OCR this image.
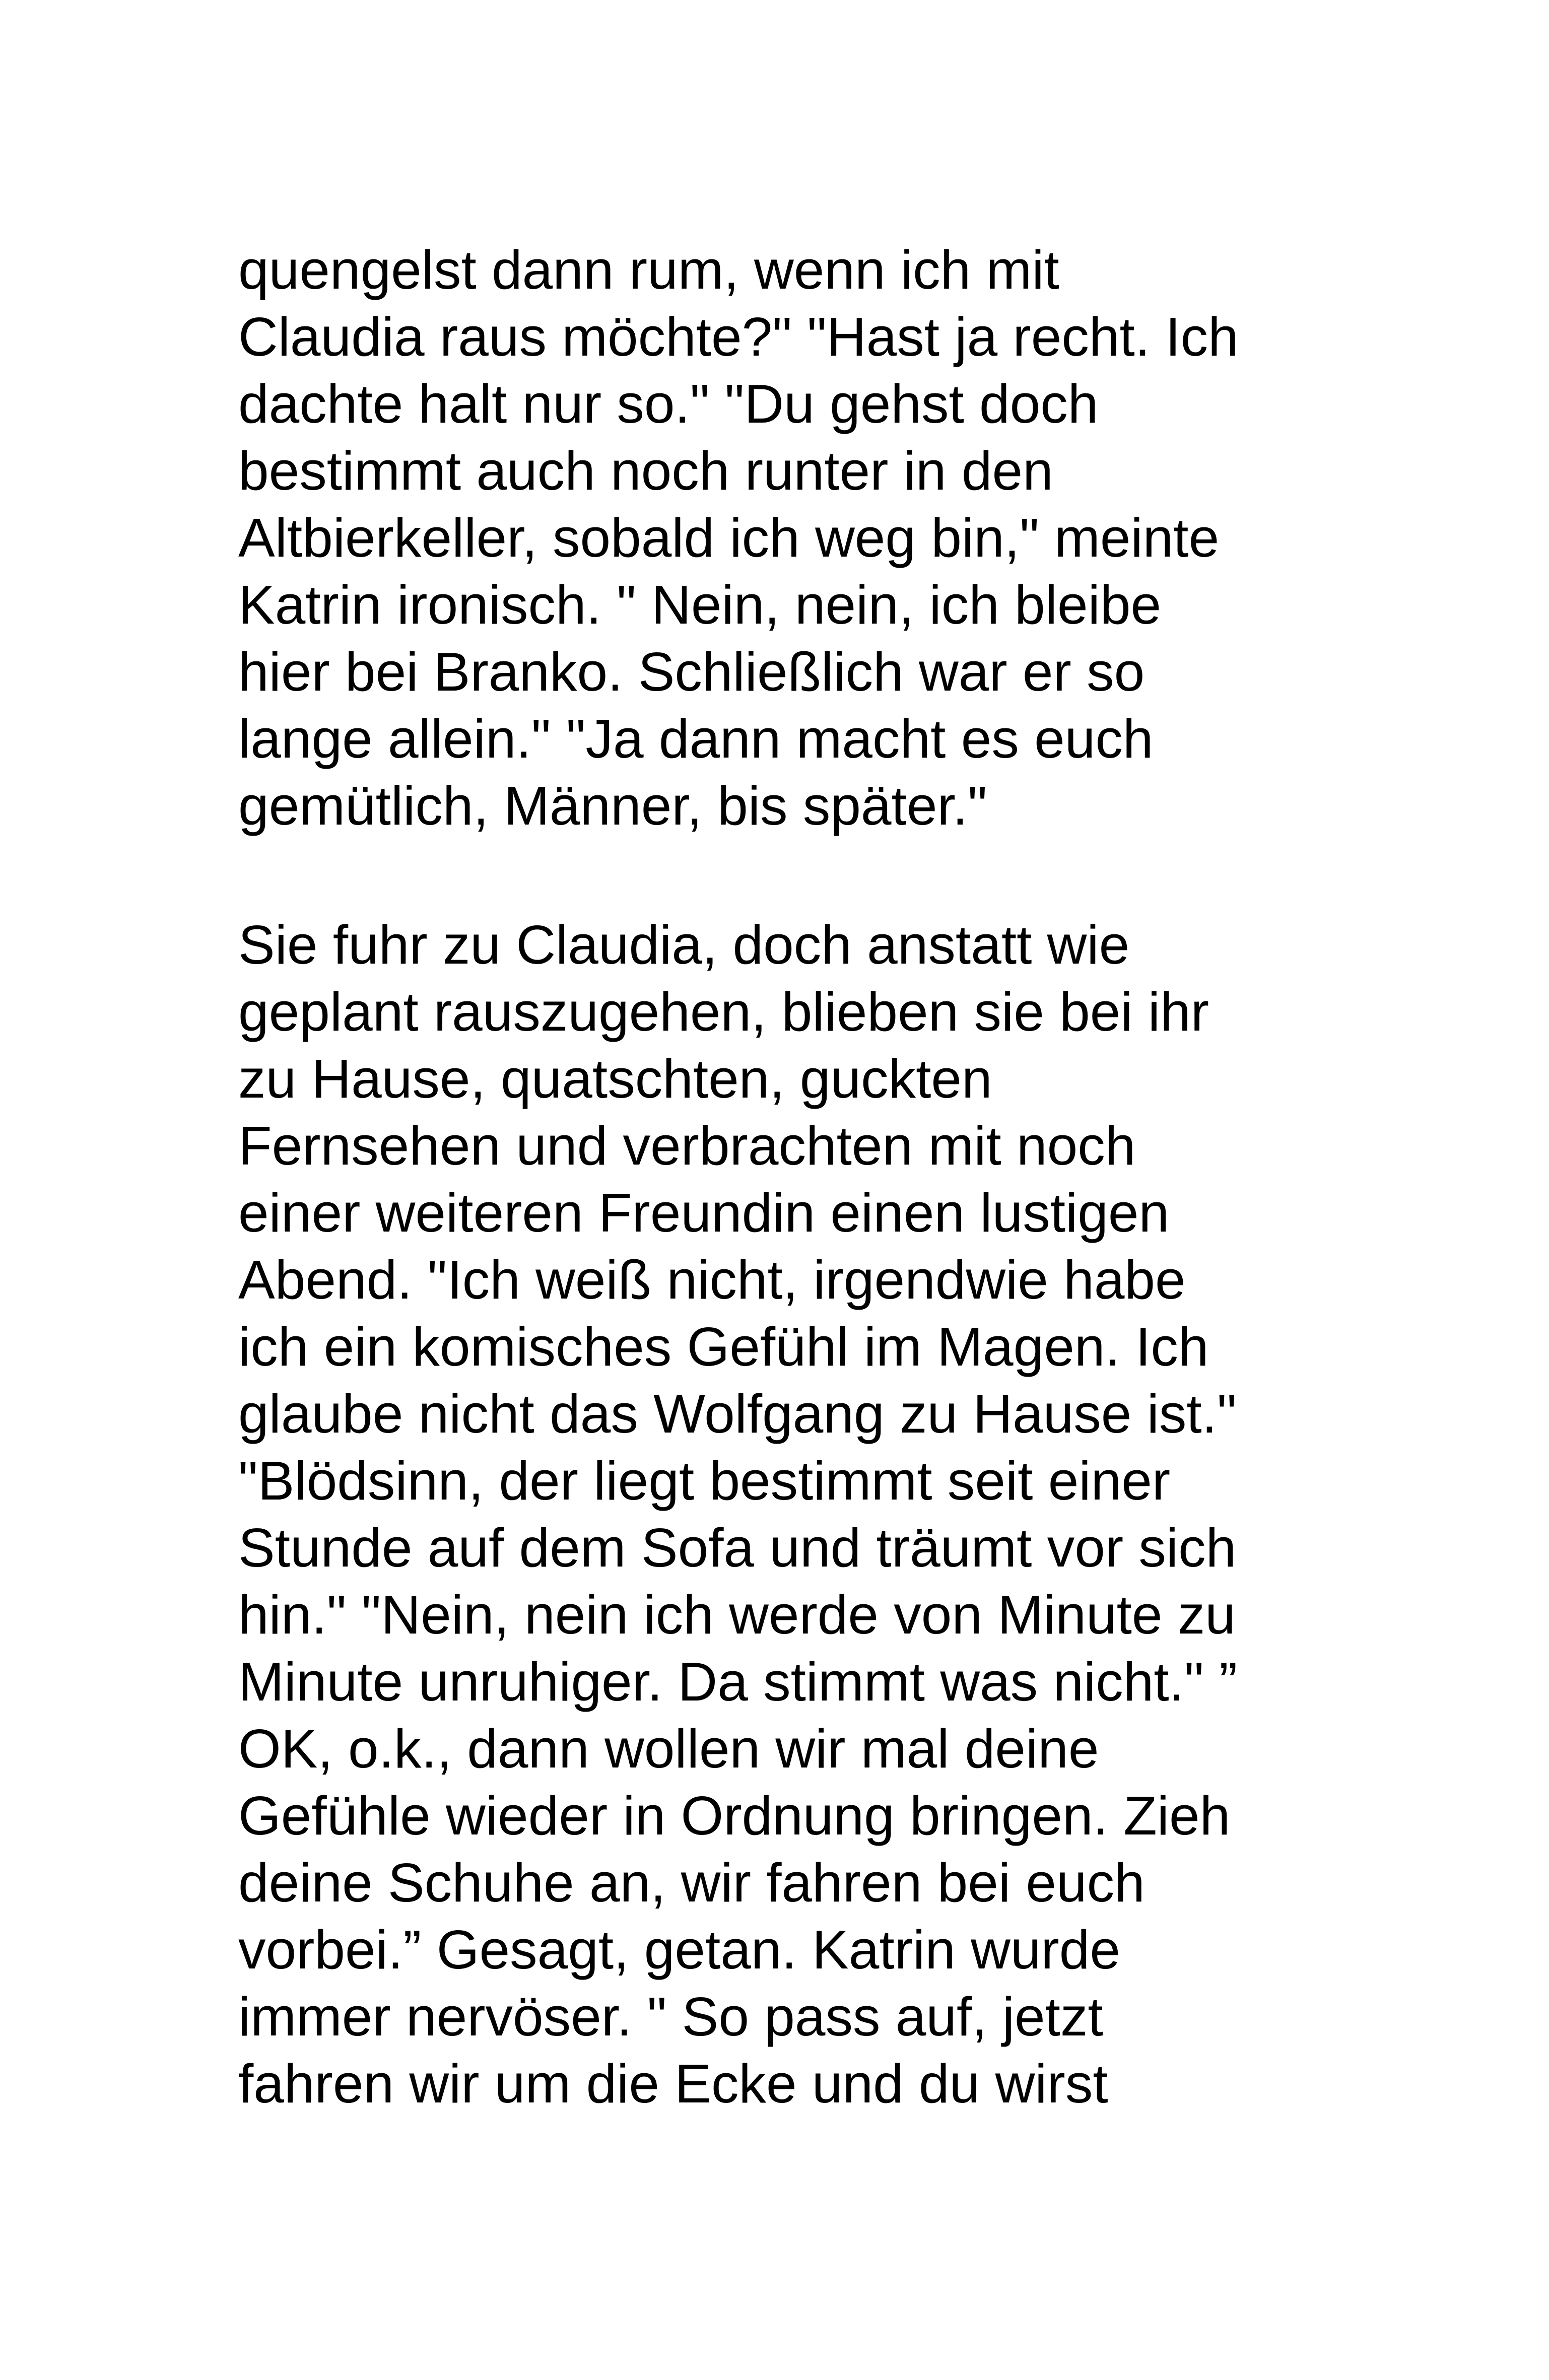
quengelst dann rum, wenn ich mit
Claudia raus möchte?" "Hast ja recht. Ich
dachte halt nur so." "Du gehst doch
bestimmt auch noch runter in den
Altbierkeller, sobald ich weg bin," meinte
Katrin ironisch. " Nein, nein, ich bleibe
hier bei Branko. Schließlich war er so
lange allein." "Ja dann macht es euch
gemütlich, Männer, bis später."
Sie fuhr zu Claudia, doch anstatt wie
geplant rauszugehen, blieben sie bei ihr
zu Hause, quatschten, guckten
Fernsehen und verbrachten mit noch
einer weiteren Freundin einen lustigen
Abend. "Ich weiß nicht, irgendwie habe
ich ein komisches Gefühl im Magen. Ich
glaube nicht das Wolfgang zu Hause ist."
"Blödsinn, der liegt bestimmt seit einer
Stunde auf dem Sofa und träumt vor sich
hin." "Nein, nein ich werde von Minute zu
Minute unruhiger. Da stimmt was nicht." ”
OK, o.k., dann wollen wir mal deine
Gefühle wieder in Ordnung bringen. Zieh
deine Schuhe an, wir fahren bei euch
vorbei.” Gesagt, getan. Katrin wurde
immer nervöser. " So pass auf, jetzt
fahren wir um die Ecke und du wirst
